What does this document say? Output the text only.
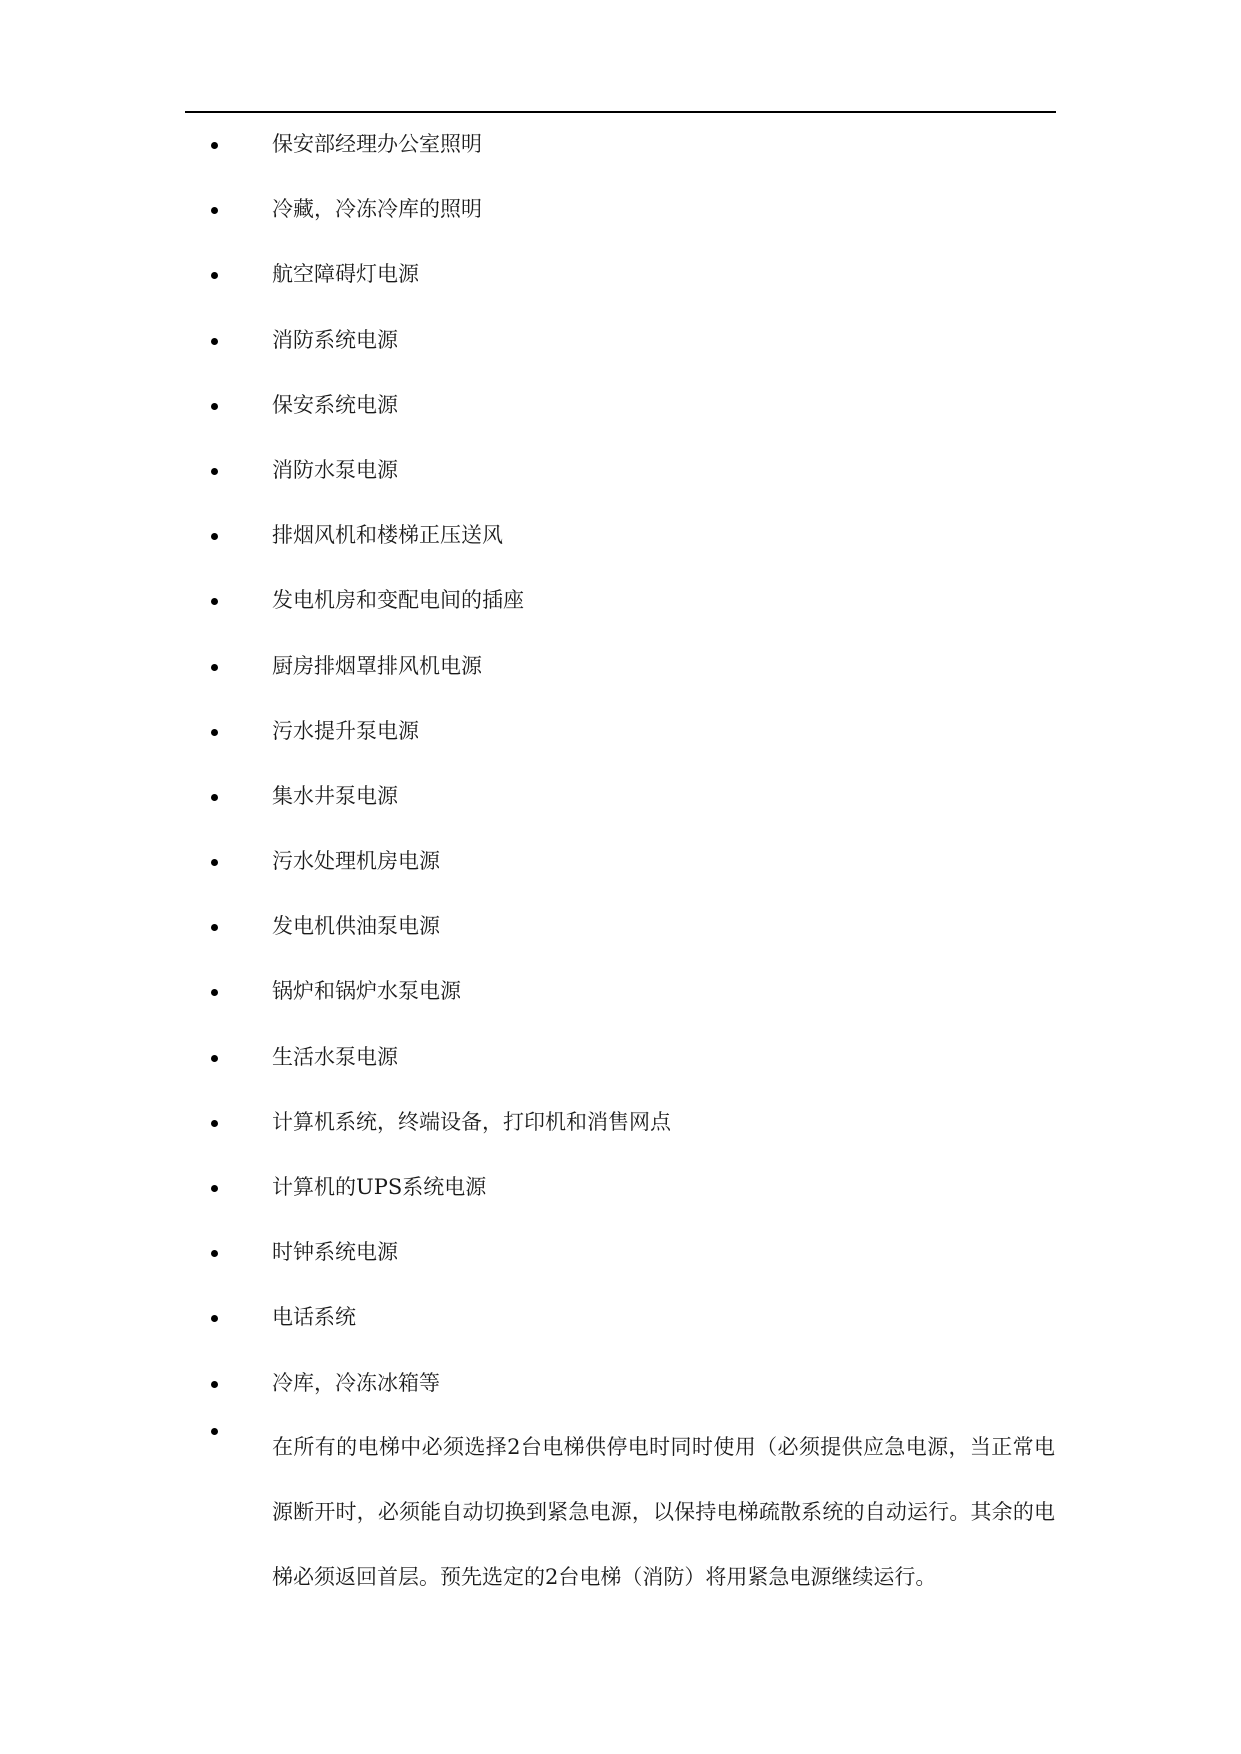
保安部经理办公室照明
冷藏，冷冻冷库的照明
航空障碍灯电源
消防系统电源
保安系统电源
消防水泵电源
排烟风机和楼梯正压送风
发电机房和变配电间的插座
厨房排烟罩排风机电源
污水提升泵电源
集水井泵电源
污水处理机房电源
发电机供油泵电源
锅炉和锅炉水泵电源
生活水泵电源
计算机系统，终端设备，打印机和消售网点
计算机的UPS系统电源
时钟系统电源
电话系统
冷库，冷冻冰箱等
在所有的电梯中必须选择2台电梯供停电时同时使用（必须提供应急电源，当正常电源断开时，必须能自动切换到紧急电源，以保持电梯疏散系统的自动运行。其余的电梯必须返回首层。预先选定的2台电梯（消防）将用紧急电源继续运行。
